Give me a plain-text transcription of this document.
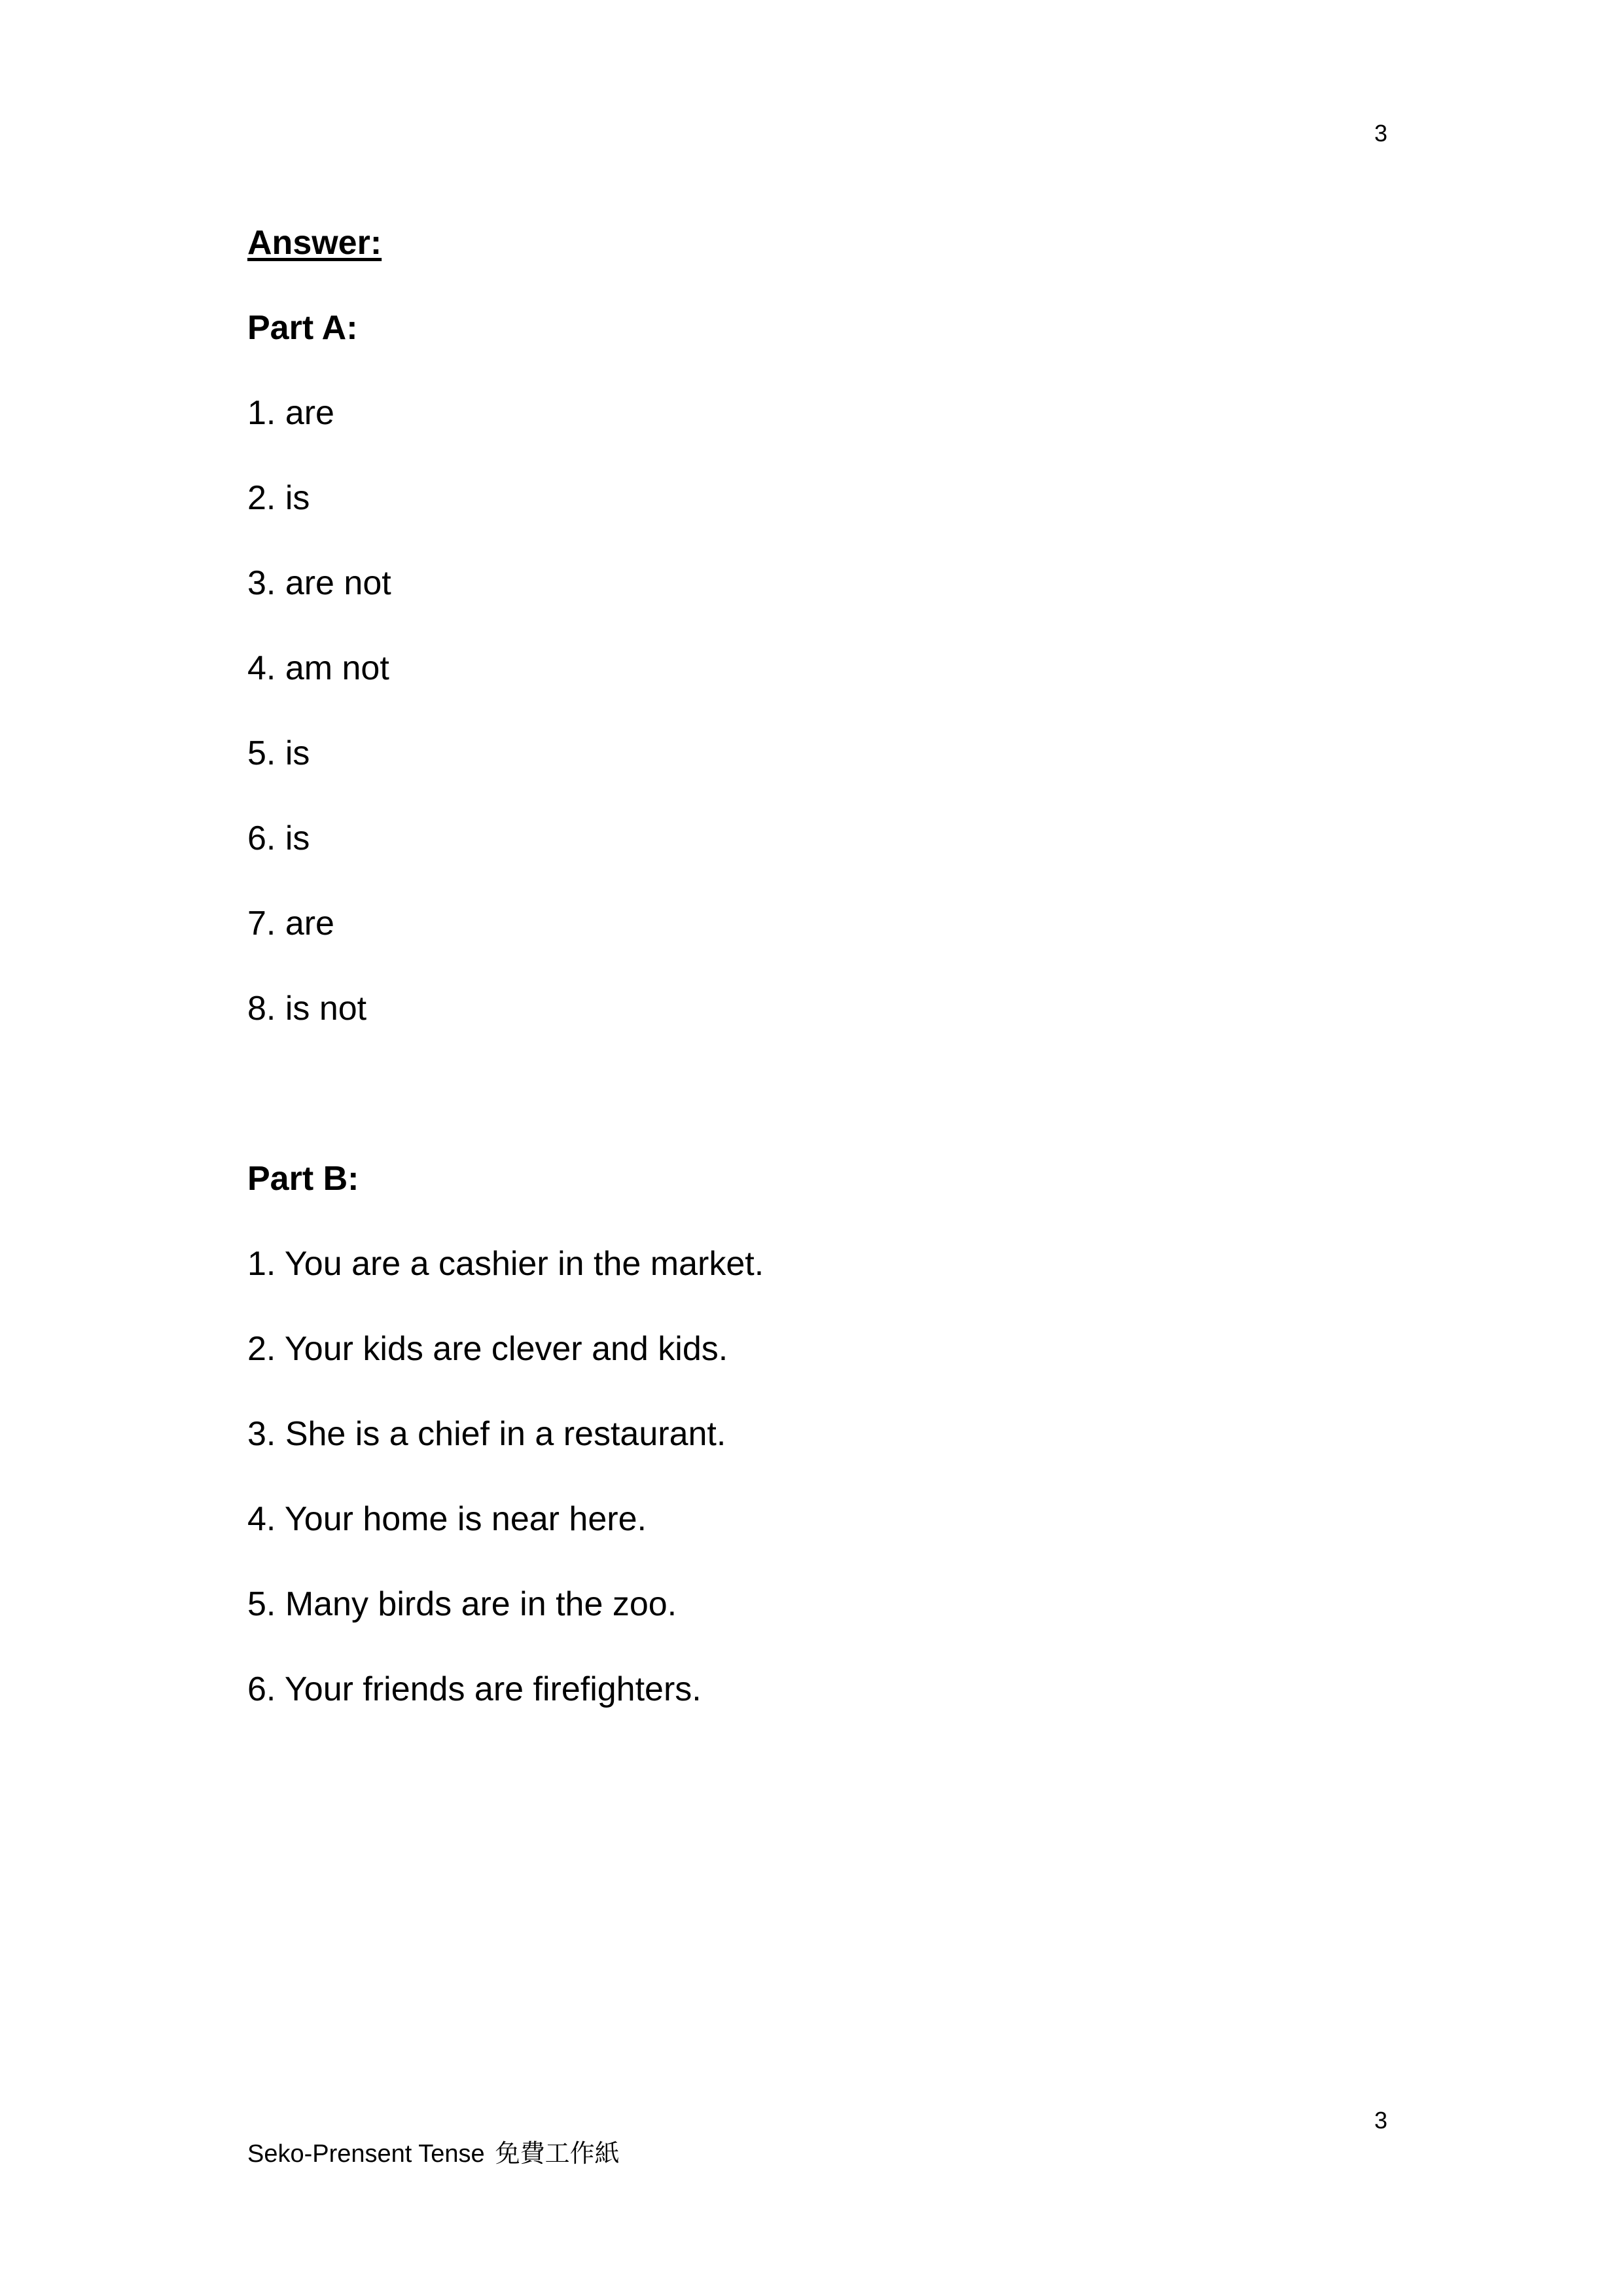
3
Answer:
Part A:
1. are
2. is
3. are not
4. am not
5. is
6. is
7. are
8. is not
Part B:
1. You are a cashier in the market.
2. Your kids are clever and kids.
3. She is a chief in a restaurant.
4. Your home is near here.
5. Many birds are in the zoo.
6. Your friends are firefighters.
3
Seko-Prensent Tense 免費工作紙
